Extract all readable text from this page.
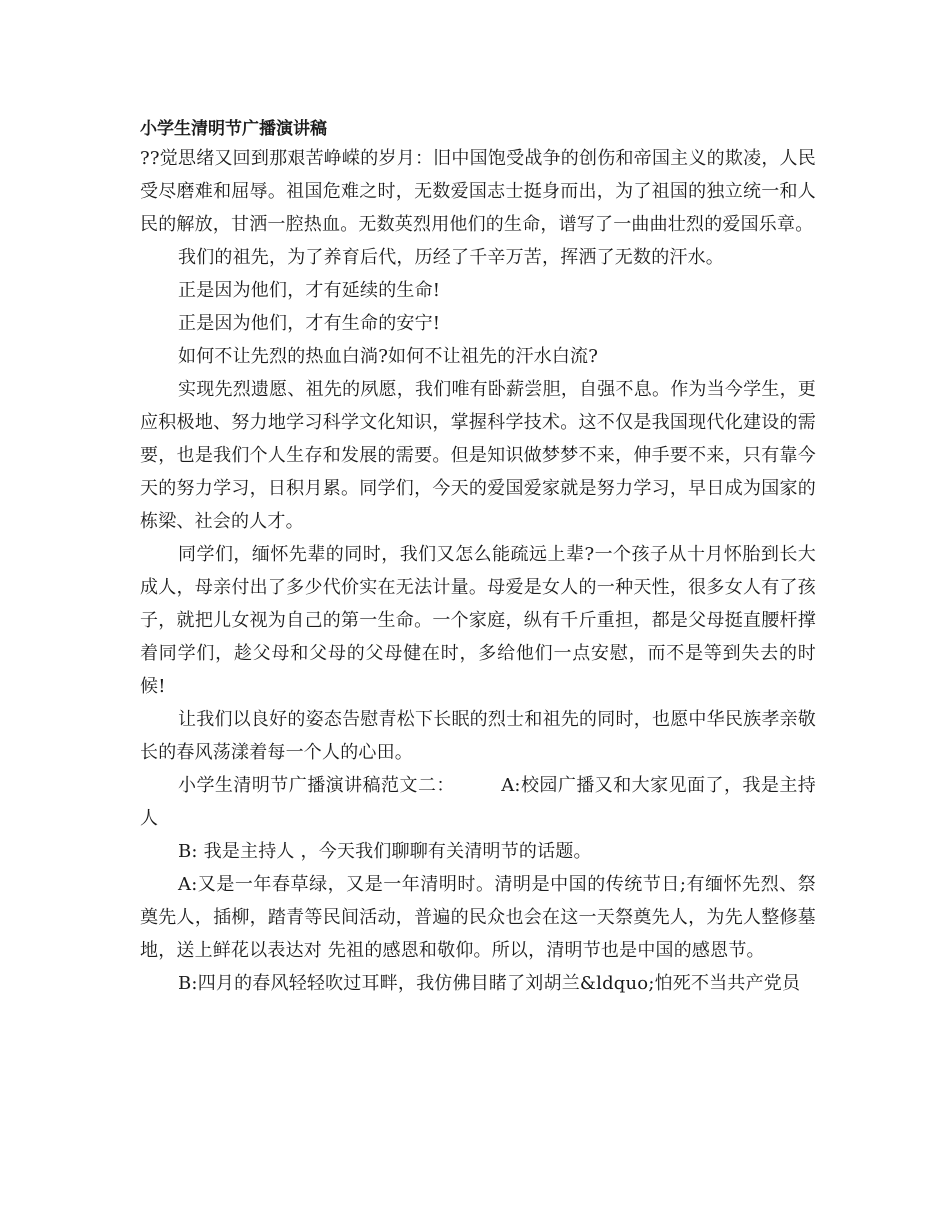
小学生清明节广播演讲稿

??觉思绪又回到那艰苦峥嵘的岁月：旧中国饱受战争的创伤和帝国主义的欺凌，人民受尽磨难和屈辱。祖国危难之时，无数爱国志士挺身而出，为了祖国的独立统一和人民的解放，甘洒一腔热血。无数英烈用他们的生命，谱写了一曲曲壮烈的爱国乐章。

我们的祖先，为了养育后代，历经了千辛万苦，挥洒了无数的汗水。

正是因为他们，才有延续的生命!

正是因为他们，才有生命的安宁!

如何不让先烈的热血白淌?如何不让祖先的汗水白流?

实现先烈遗愿、祖先的夙愿，我们唯有卧薪尝胆，自强不息。作为当今学生，更应积极地、努力地学习科学文化知识，掌握科学技术。这不仅是我国现代化建设的需要，也是我们个人生存和发展的需要。但是知识做梦梦不来，伸手要不来，只有靠今天的努力学习，日积月累。同学们，今天的爱国爱家就是努力学习，早日成为国家的栋梁、社会的人才。

同学们，缅怀先辈的同时，我们又怎么能疏远上辈?一个孩子从十月怀胎到长大成人，母亲付出了多少代价实在无法计量。母爱是女人的一种天性，很多女人有了孩子，就把儿女视为自己的第一生命。一个家庭，纵有千斤重担，都是父母挺直腰杆撑着同学们，趁父母和父母的父母健在时，多给他们一点安慰，而不是等到失去的时候!

让我们以良好的姿态告慰青松下长眠的烈士和祖先的同时，也愿中华民族孝亲敬长的春风荡漾着每一个人的心田。

小学生清明节广播演讲稿范文二：　　　A:校园广播又和大家见面了，我是主持人

B: 我是主持人 ，今天我们聊聊有关清明节的话题。

A:又是一年春草绿，又是一年清明时。清明是中国的传统节日;有缅怀先烈、祭奠先人，插柳，踏青等民间活动，普遍的民众也会在这一天祭奠先人，为先人整修墓地，送上鲜花以表达对 先祖的感恩和敬仰。所以，清明节也是中国的感恩节。

B:四月的春风轻轻吹过耳畔，我仿佛目睹了刘胡兰&ldquo;怕死不当共产党员
